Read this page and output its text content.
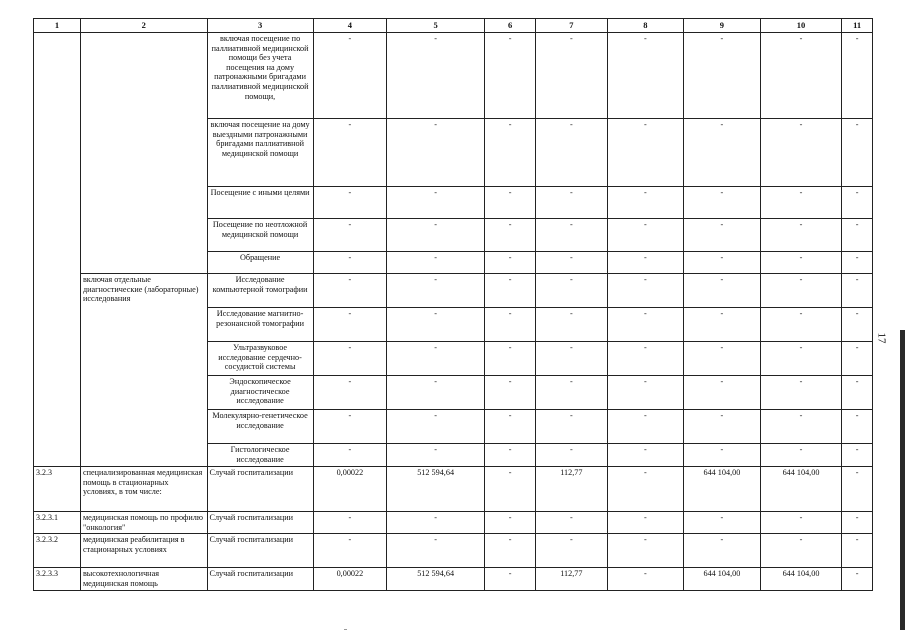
1	2	3	4	5	6	7	8	9	10	11
		включая посещение по паллиативной медицинской помощи без учета посещения на дому патронажными бригадами паллиативной медицинской помощи,	-	-	-	-	-	-	-	-
		включая посещение на дому выездными патронажными бригадами паллиативной медицинской помощи	-	-	-	-	-	-	-	-
		Посещение с иными целями	-	-	-	-	-	-	-	-
		Посещение по неотложной медицинской помощи	-	-	-	-	-	-	-	-
		Обращение	-	-	-	-	-	-	-	-
	включая отдельные диагностические (лабораторные) исследования	Исследование компьютерной томографии	-	-	-	-	-	-	-	-
		Исследование магнитно-резонансной томографии	-	-	-	-	-	-	-	-
		Ультразвуковое исследование сердечно-сосудистой системы	-	-	-	-	-	-	-	-
		Эндоскопическое диагностическое исследование	-	-	-	-	-	-	-	-
		Молекулярно-генетическое исследование	-	-	-	-	-	-	-	-
		Гистологическое исследование	-	-	-	-	-	-	-	-
3.2.3	специализированная медицинская помощь в стационарных условиях, в том числе:	Случай госпитализации	0,00022	512 594,64	-	112,77	-	644 104,00	644 104,00	-
3.2.3.1	медицинская помощь по профилю "онкология"	Случай госпитализации	-	-	-	-	-	-	-	-
3.2.3.2	медицинская реабилитация в стационарных условиях	Случай госпитализации	-	-	-	-	-	-	-	-
3.2.3.3	высокотехнологичная медицинская помощь	Случай госпитализации	0,00022	512 594,64	-	112,77	-	644 104,00	644 104,00	-
17
